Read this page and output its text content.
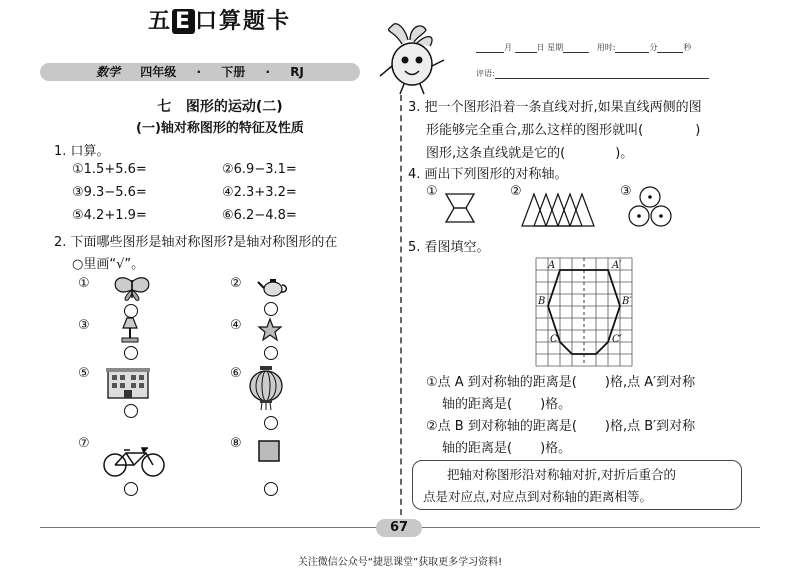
五 E 口算题卡
数学 四年级 · 下册 · RJ
月	日 星期	用时:	分	秒
评语:
七 图形的运动(二)
(一)轴对称图形的特征及性质
1. 口算。
①1.5+5.6=	②6.9−3.1=
③9.3−5.6=	④2.3+3.2=
⑤4.2+1.9=	⑥6.2−4.8=
2. 下面哪些图形是轴对称图形?是轴对称图形的在
○里画“√”。
①	②
③	④
⑤	⑥
⑦	⑧
3. 把一个图形沿着一条直线对折,如果直线两侧的图
形能够完全重合,那么这样的图形就叫(	)
图形,这条直线就是它的(	)。
4. 画出下列图形的对称轴。
①	②	③
5. 看图填空。
A	A′
B	B′
C	C′
①点 A 到对称轴的距离是( )格,点 A′到对称
轴的距离是( )格。
②点 B 到对称轴的距离是( )格,点 B′到对称
轴的距离是( )格。
把轴对称图形沿对称轴对折,对折后重合的
点是对应点,对应点到对称轴的距离相等。
67
关注微信公众号“捷思课堂”获取更多学习资料!
